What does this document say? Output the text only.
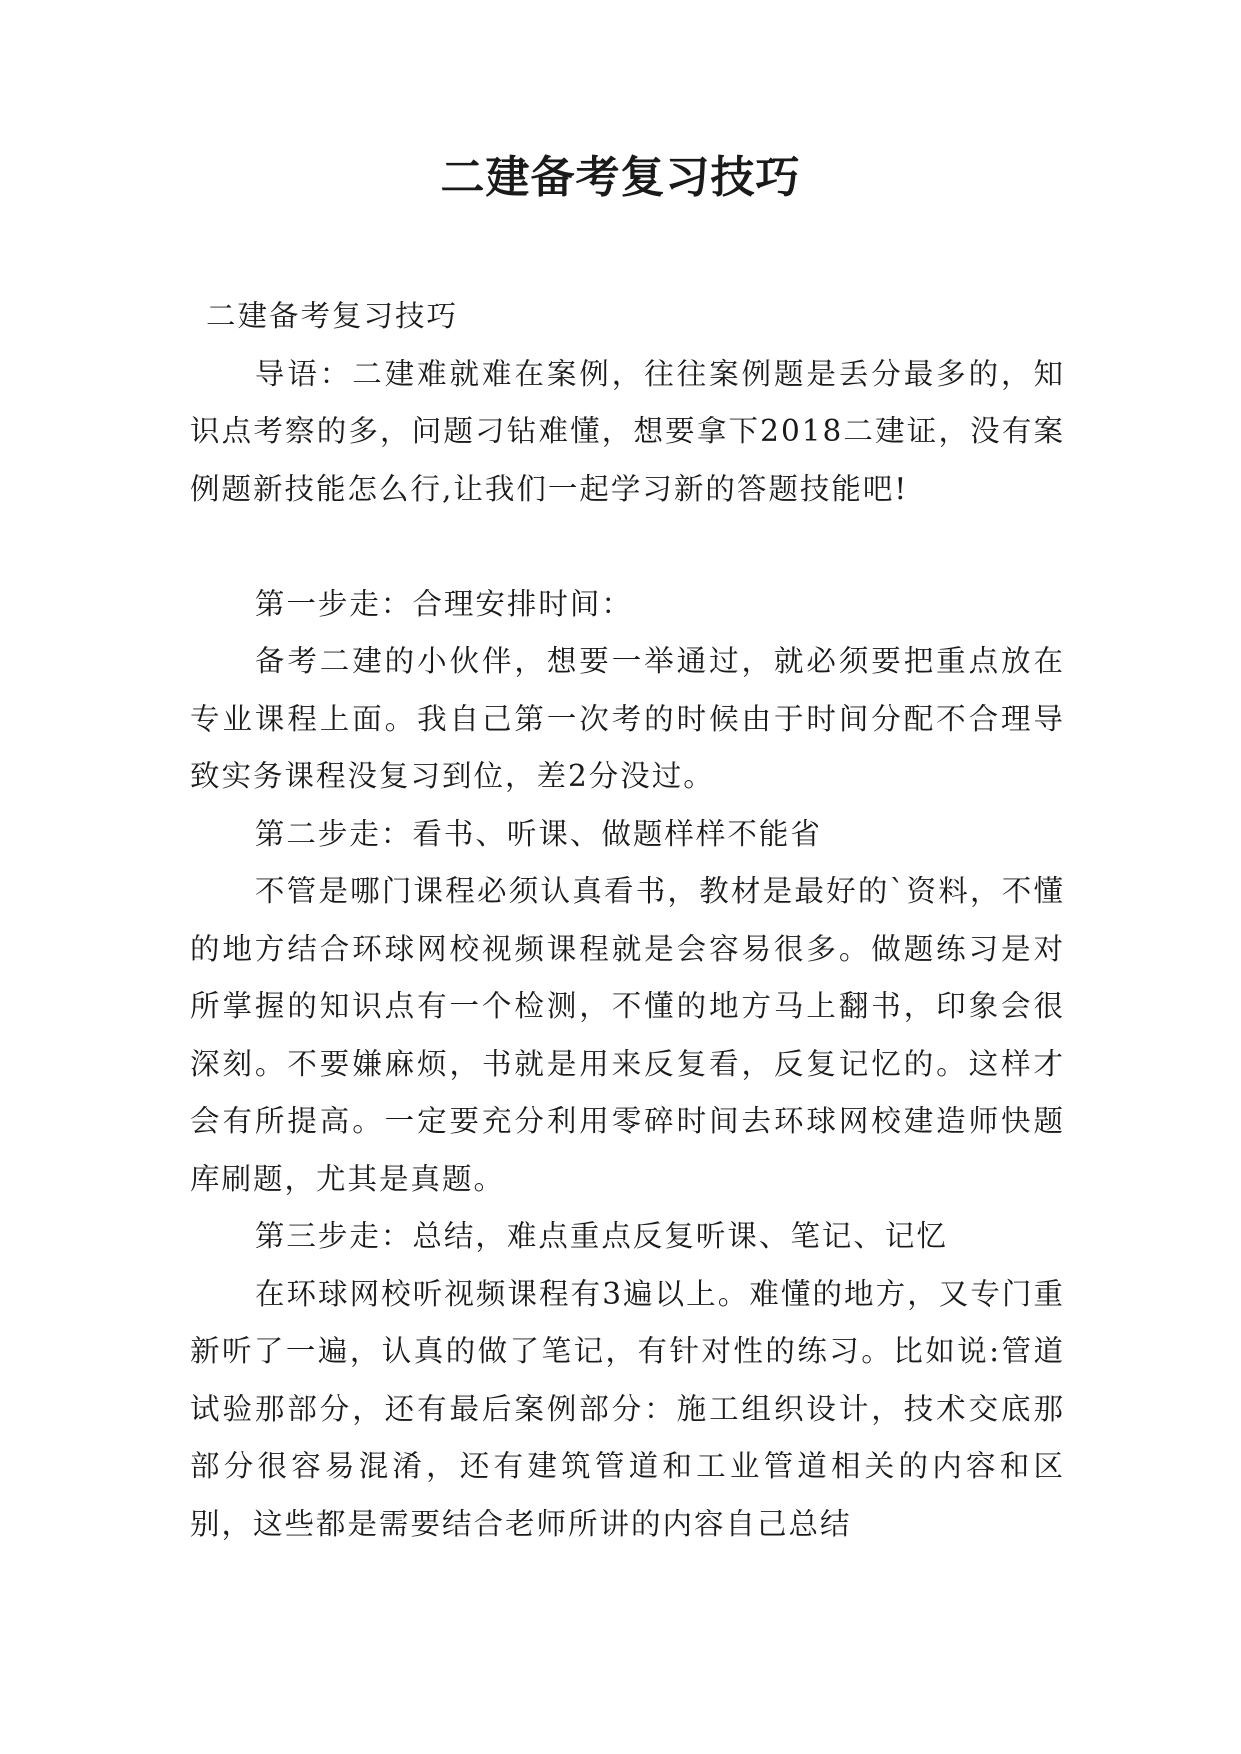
二建备考复习技巧

二建备考复习技巧

导语：二建难就难在案例，往往案例题是丢分最多的，知识点考察的多，问题刁钻难懂，想要拿下2018二建证，没有案例题新技能怎么行,让我们一起学习新的答题技能吧!

第一步走：合理安排时间：

备考二建的小伙伴，想要一举通过，就必须要把重点放在专业课程上面。我自己第一次考的时候由于时间分配不合理导致实务课程没复习到位，差2分没过。

第二步走：看书、听课、做题样样不能省

不管是哪门课程必须认真看书，教材是最好的`资料，不懂的地方结合环球网校视频课程就是会容易很多。做题练习是对所掌握的知识点有一个检测，不懂的地方马上翻书，印象会很深刻。不要嫌麻烦，书就是用来反复看，反复记忆的。这样才会有所提高。一定要充分利用零碎时间去环球网校建造师快题库刷题，尤其是真题。

第三步走：总结，难点重点反复听课、笔记、记忆

在环球网校听视频课程有3遍以上。难懂的地方，又专门重新听了一遍，认真的做了笔记，有针对性的练习。比如说:管道试验那部分，还有最后案例部分：施工组织设计，技术交底那部分很容易混淆，还有建筑管道和工业管道相关的内容和区别，这些都是需要结合老师所讲的内容自己总结
